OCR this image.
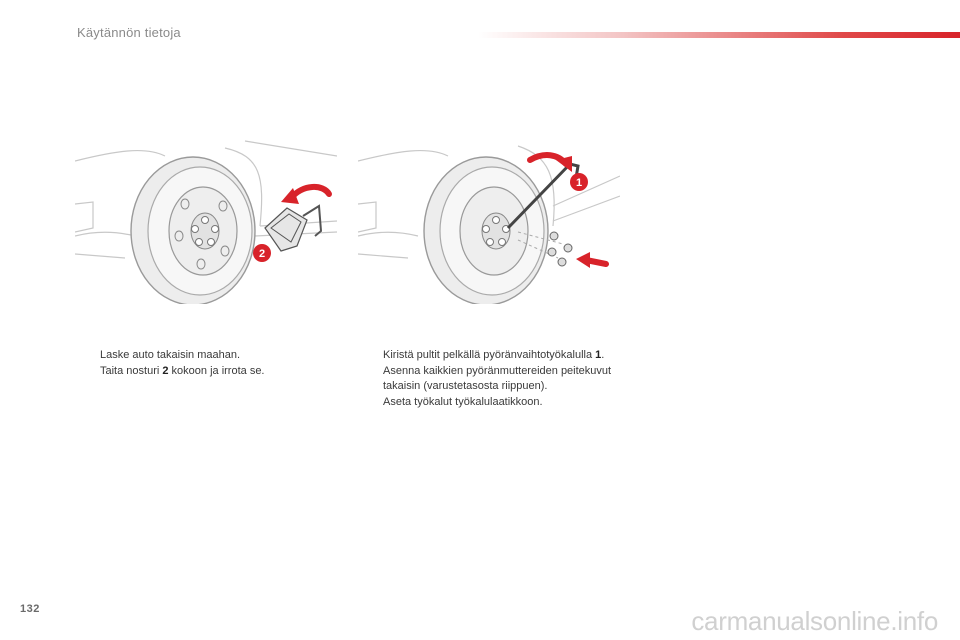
Käytännön tietoja
2
1
Laske auto takaisin maahan.
Taita nosturi 2 kokoon ja irrota se.
Kiristä pultit pelkällä pyöränvaihtotyökalulla 1.
Asenna kaikkien pyöränmuttereiden peitekuvut takaisin (varustetasosta riippuen).
Aseta työkalut työkalulaatikkoon.
132	carmanualsonline.info
